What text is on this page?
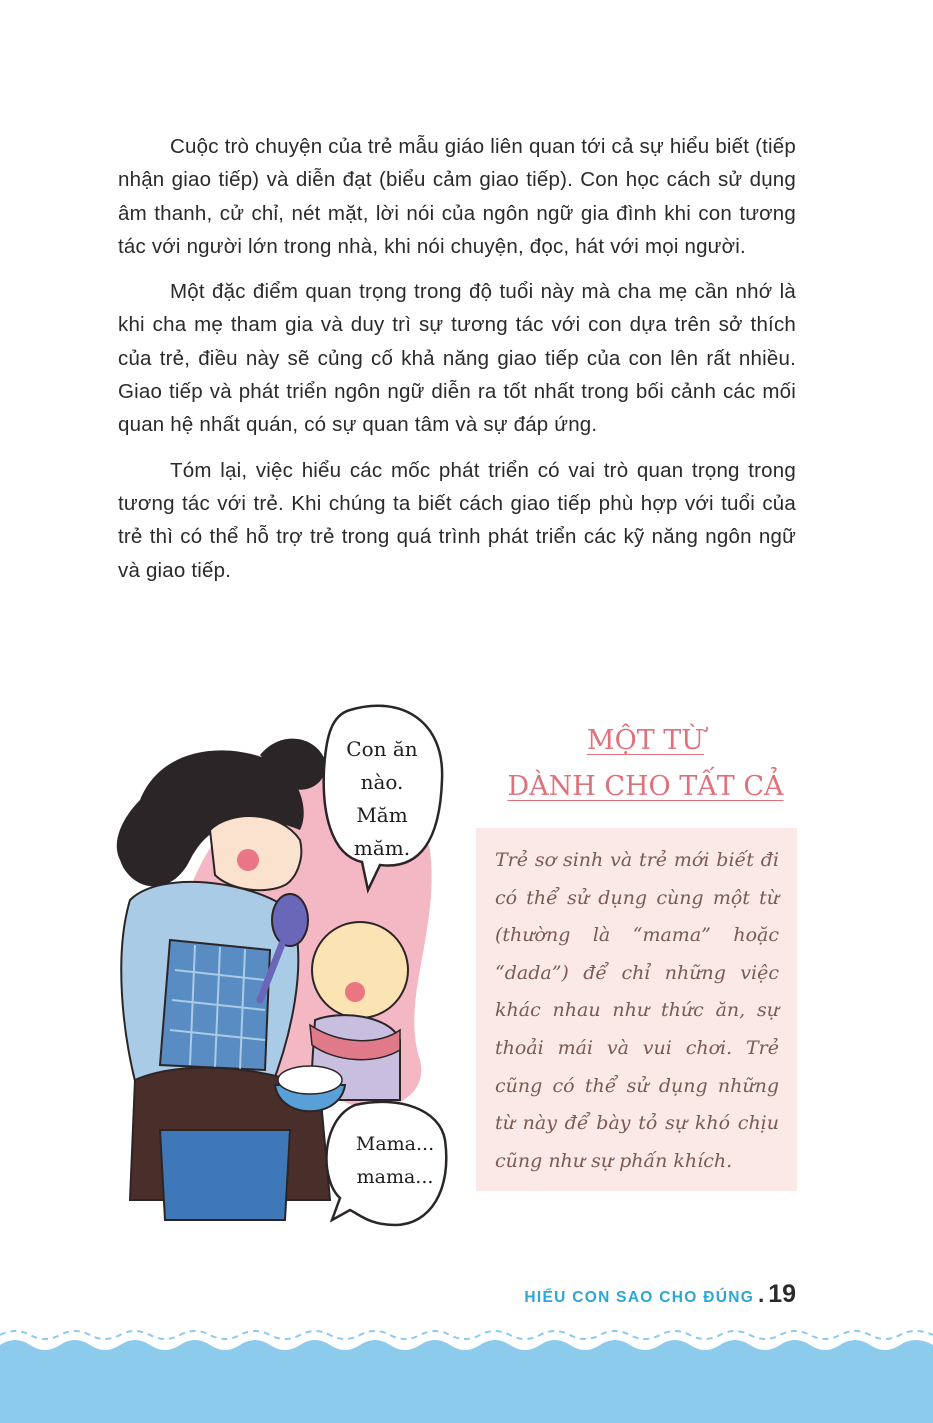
Cuộc trò chuyện của trẻ mẫu giáo liên quan tới cả sự hiểu biết (tiếp nhận giao tiếp) và diễn đạt (biểu cảm giao tiếp). Con học cách sử dụng âm thanh, cử chỉ, nét mặt, lời nói của ngôn ngữ gia đình khi con tương tác với người lớn trong nhà, khi nói chuyện, đọc, hát với mọi người.

Một đặc điểm quan trọng trong độ tuổi này mà cha mẹ cần nhớ là khi cha mẹ tham gia và duy trì sự tương tác với con dựa trên sở thích của trẻ, điều này sẽ củng cố khả năng giao tiếp của con lên rất nhiều. Giao tiếp và phát triển ngôn ngữ diễn ra tốt nhất trong bối cảnh các mối quan hệ nhất quán, có sự quan tâm và sự đáp ứng.

Tóm lại, việc hiểu các mốc phát triển có vai trò quan trọng trong tương tác với trẻ. Khi chúng ta biết cách giao tiếp phù hợp với tuổi của trẻ thì có thể hỗ trợ trẻ trong quá trình phát triển các kỹ năng ngôn ngữ và giao tiếp.

Con ăn
nào.
Măm
măm.
Mama...
mama...
MỘT TỪ
DÀNH CHO TẤT CẢ

Trẻ sơ sinh và trẻ mới biết đi có thể sử dụng cùng một từ (thường là “mama” hoặc “dada”) để chỉ những việc khác nhau như thức ăn, sự thoải mái và vui chơi. Trẻ cũng có thể sử dụng những từ này để bày tỏ sự khó chịu cũng như sự phấn khích.

HIỂU CON SAO CHO ĐÚNG . 19
